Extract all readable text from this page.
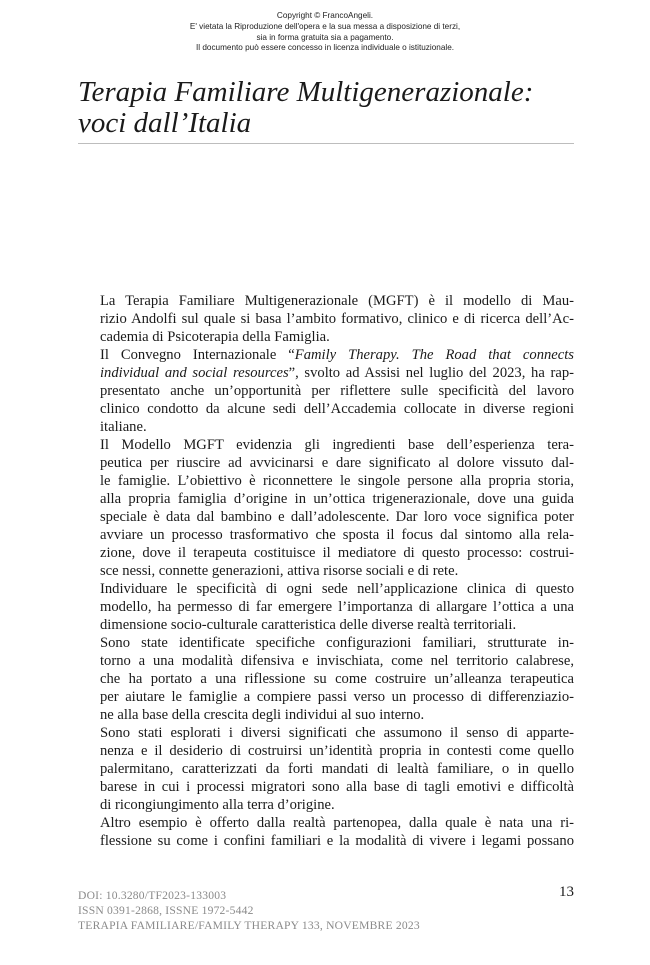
Copyright © FrancoAngeli.
E' vietata la Riproduzione dell'opera e la sua messa a disposizione di terzi,
sia in forma gratuita sia a pagamento.
Il documento può essere concesso in licenza individuale o istituzionale.
Terapia Familiare Multigenerazionale:
voci dall’Italia

La Terapia Familiare Multigenerazionale (MGFT) è il modello di Mau-
rizio Andolfi sul quale si basa l’ambito formativo, clinico e di ricerca dell’Ac-
cademia di Psicoterapia della Famiglia.

Il Convegno Internazionale “Family Therapy. The Road that connects
individual and social resources”, svolto ad Assisi nel luglio del 2023, ha rap-
presentato anche un’opportunità per riflettere sulle specificità del lavoro
clinico condotto da alcune sedi dell’Accademia collocate in diverse regioni
italiane.

Il Modello MGFT evidenzia gli ingredienti base dell’esperienza tera-
peutica per riuscire ad avvicinarsi e dare significato al dolore vissuto dal-
le famiglie. L’obiettivo è riconnettere le singole persone alla propria storia,
alla propria famiglia d’origine in un’ottica trigenerazionale, dove una guida
speciale è data dal bambino e dall’adolescente. Dar loro voce significa poter
avviare un processo trasformativo che sposta il focus dal sintomo alla rela-
zione, dove il terapeuta costituisce il mediatore di questo processo: costrui-
sce nessi, connette generazioni, attiva risorse sociali e di rete.

Individuare le specificità di ogni sede nell’applicazione clinica di questo
modello, ha permesso di far emergere l’importanza di allargare l’ottica a una
dimensione socio-culturale caratteristica delle diverse realtà territoriali.

Sono state identificate specifiche configurazioni familiari, strutturate in-
torno a una modalità difensiva e invischiata, come nel territorio calabrese,
che ha portato a una riflessione su come costruire un’alleanza terapeutica
per aiutare le famiglie a compiere passi verso un processo di differenziazio-
ne alla base della crescita degli individui al suo interno.

Sono stati esplorati i diversi significati che assumono il senso di apparte-
nenza e il desiderio di costruirsi un’identità propria in contesti come quello
palermitano, caratterizzati da forti mandati di lealtà familiare, o in quello
barese in cui i processi migratori sono alla base di tagli emotivi e difficoltà
di ricongiungimento alla terra d’origine.

Altro esempio è offerto dalla realtà partenopea, dalla quale è nata una ri-
flessione su come i confini familiari e la modalità di vivere i legami possano

DOI: 10.3280/TF2023-133003
ISSN 0391-2868, ISSNE 1972-5442
TERAPIA FAMILIARE/FAMILY THERAPY 133, NOVEMBRE 2023
13
